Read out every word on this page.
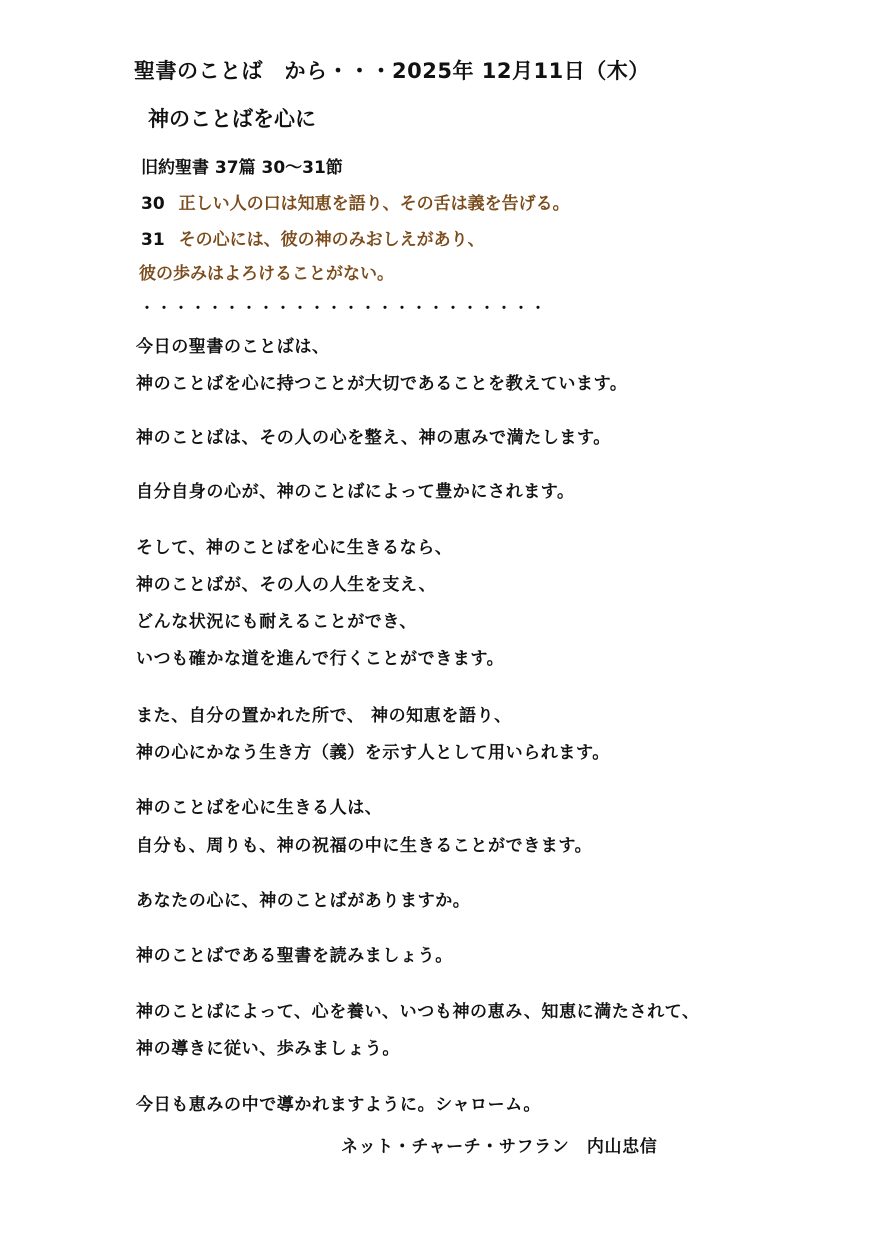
聖書のことば　から・・・2025年 12月11日（木）
神のことばを心に
旧約聖書 37篇 30〜31節
30 正しい人の口は知恵を語り、その舌は義を告げる。
31 その心には、彼の神のみおしえがあり、
彼の歩みはよろけることがない。
・・・・・・・・・・・・・・・・・・・・・・・・
今日の聖書のことばは、
神のことばを心に持つことが大切であることを教えています。
神のことばは、その人の心を整え、神の恵みで満たします。
自分自身の心が、神のことばによって豊かにされます。
そして、神のことばを心に生きるなら、
神のことばが、その人の人生を支え、
どんな状況にも耐えることができ、
いつも確かな道を進んで行くことができます。
また、自分の置かれた所で、 神の知恵を語り、
神の心にかなう生き方（義）を示す人として用いられます。
神のことばを心に生きる人は、
自分も、周りも、神の祝福の中に生きることができます。
あなたの心に、神のことばがありますか。
神のことばである聖書を読みましょう。
神のことばによって、心を養い、いつも神の恵み、知恵に満たされて、
神の導きに従い、歩みましょう。
今日も恵みの中で導かれますように。シャローム。
ネット・チャーチ・サフラン　内山忠信
